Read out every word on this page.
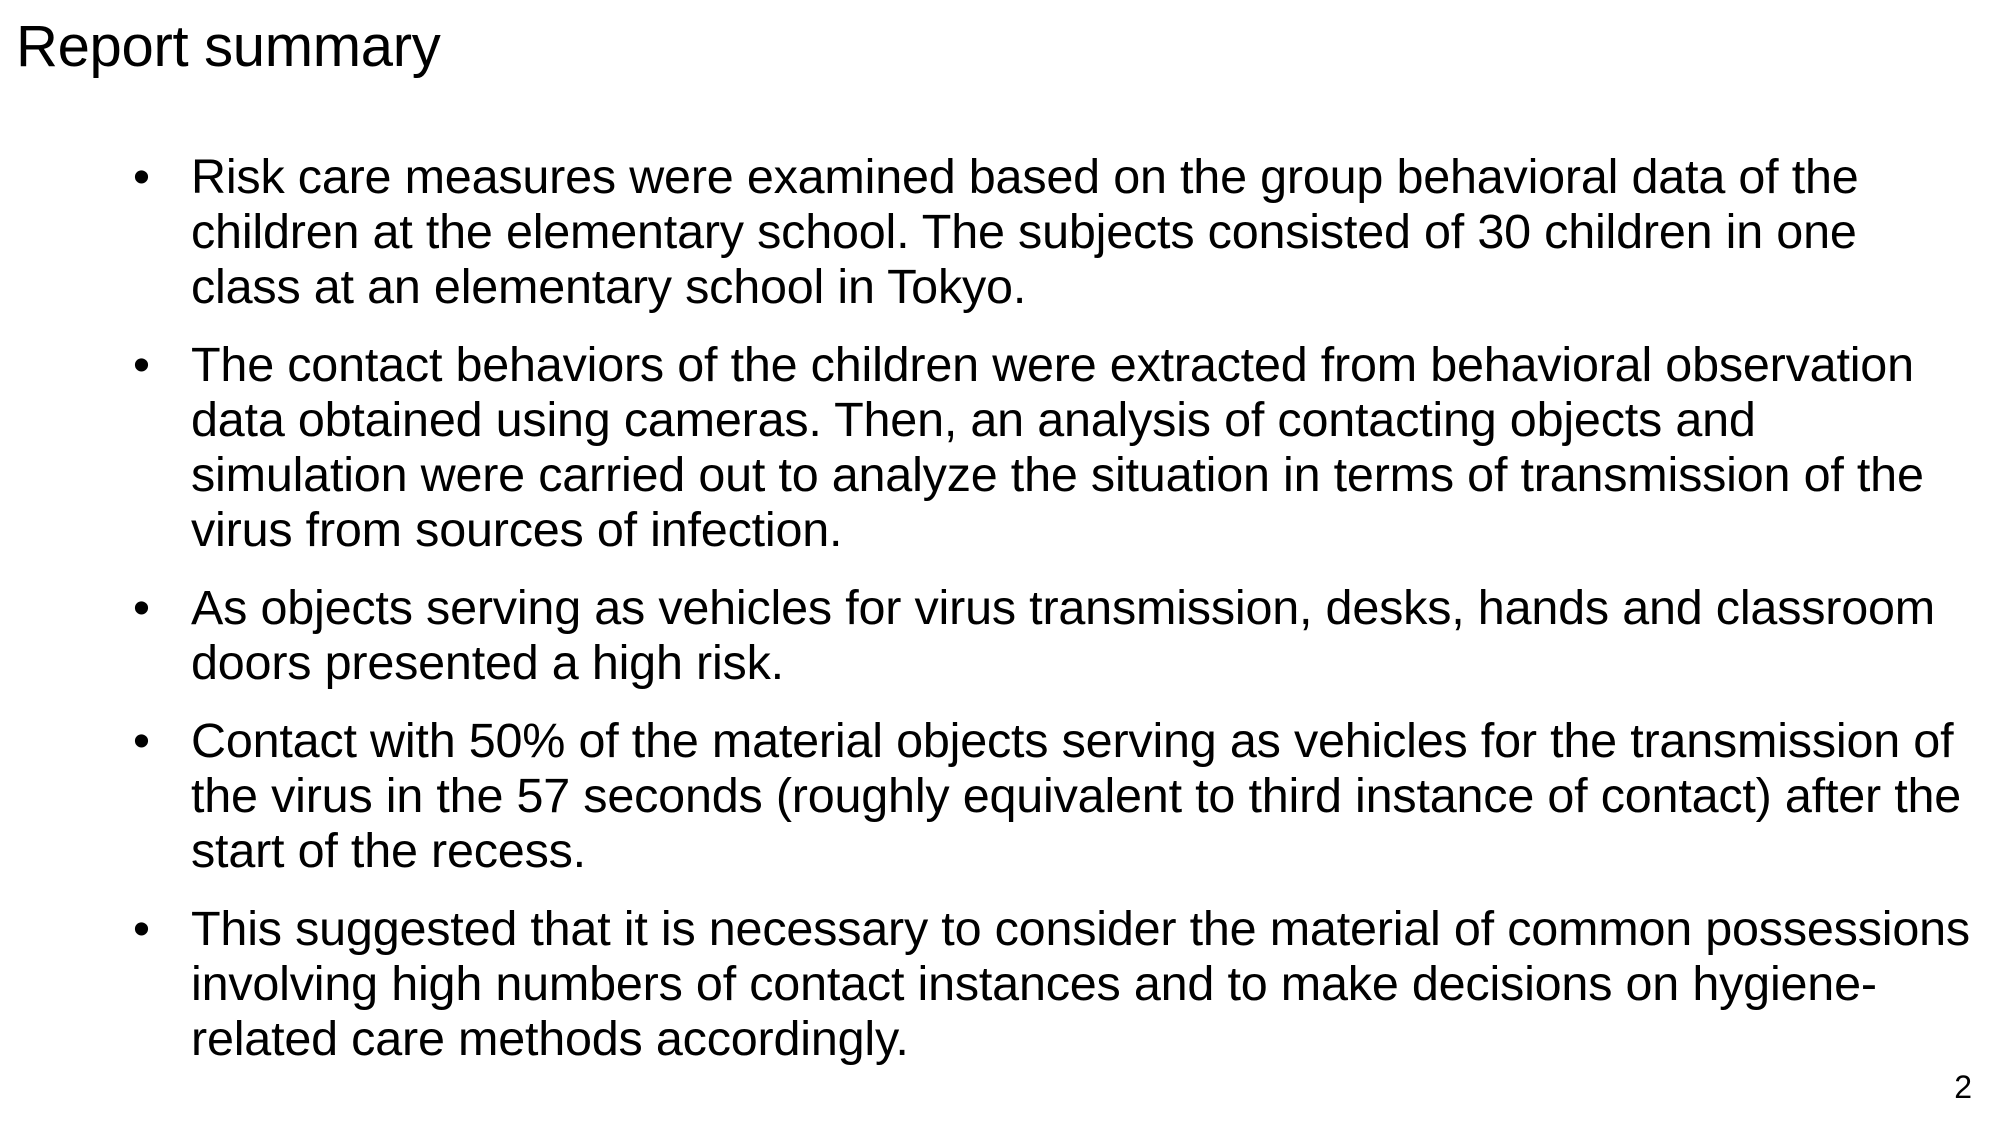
Report summary
• Risk care measures were examined based on the group behavioral data of the children at the elementary school. The subjects consisted of 30 children in one class at an elementary school in Tokyo.
• The contact behaviors of the children were extracted from behavioral observation data obtained using cameras. Then, an analysis of contacting objects and simulation were carried out to analyze the situation in terms of transmission of the virus from sources of infection.
• As objects serving as vehicles for virus transmission, desks, hands and classroom doors presented a high risk.
• Contact with 50% of the material objects serving as vehicles for the transmission of the virus in the 57 seconds (roughly equivalent to third instance of contact) after the start of the recess.
• This suggested that it is necessary to consider the material of common possessions involving high numbers of contact instances and to make decisions on hygiene-related care methods accordingly.
2
